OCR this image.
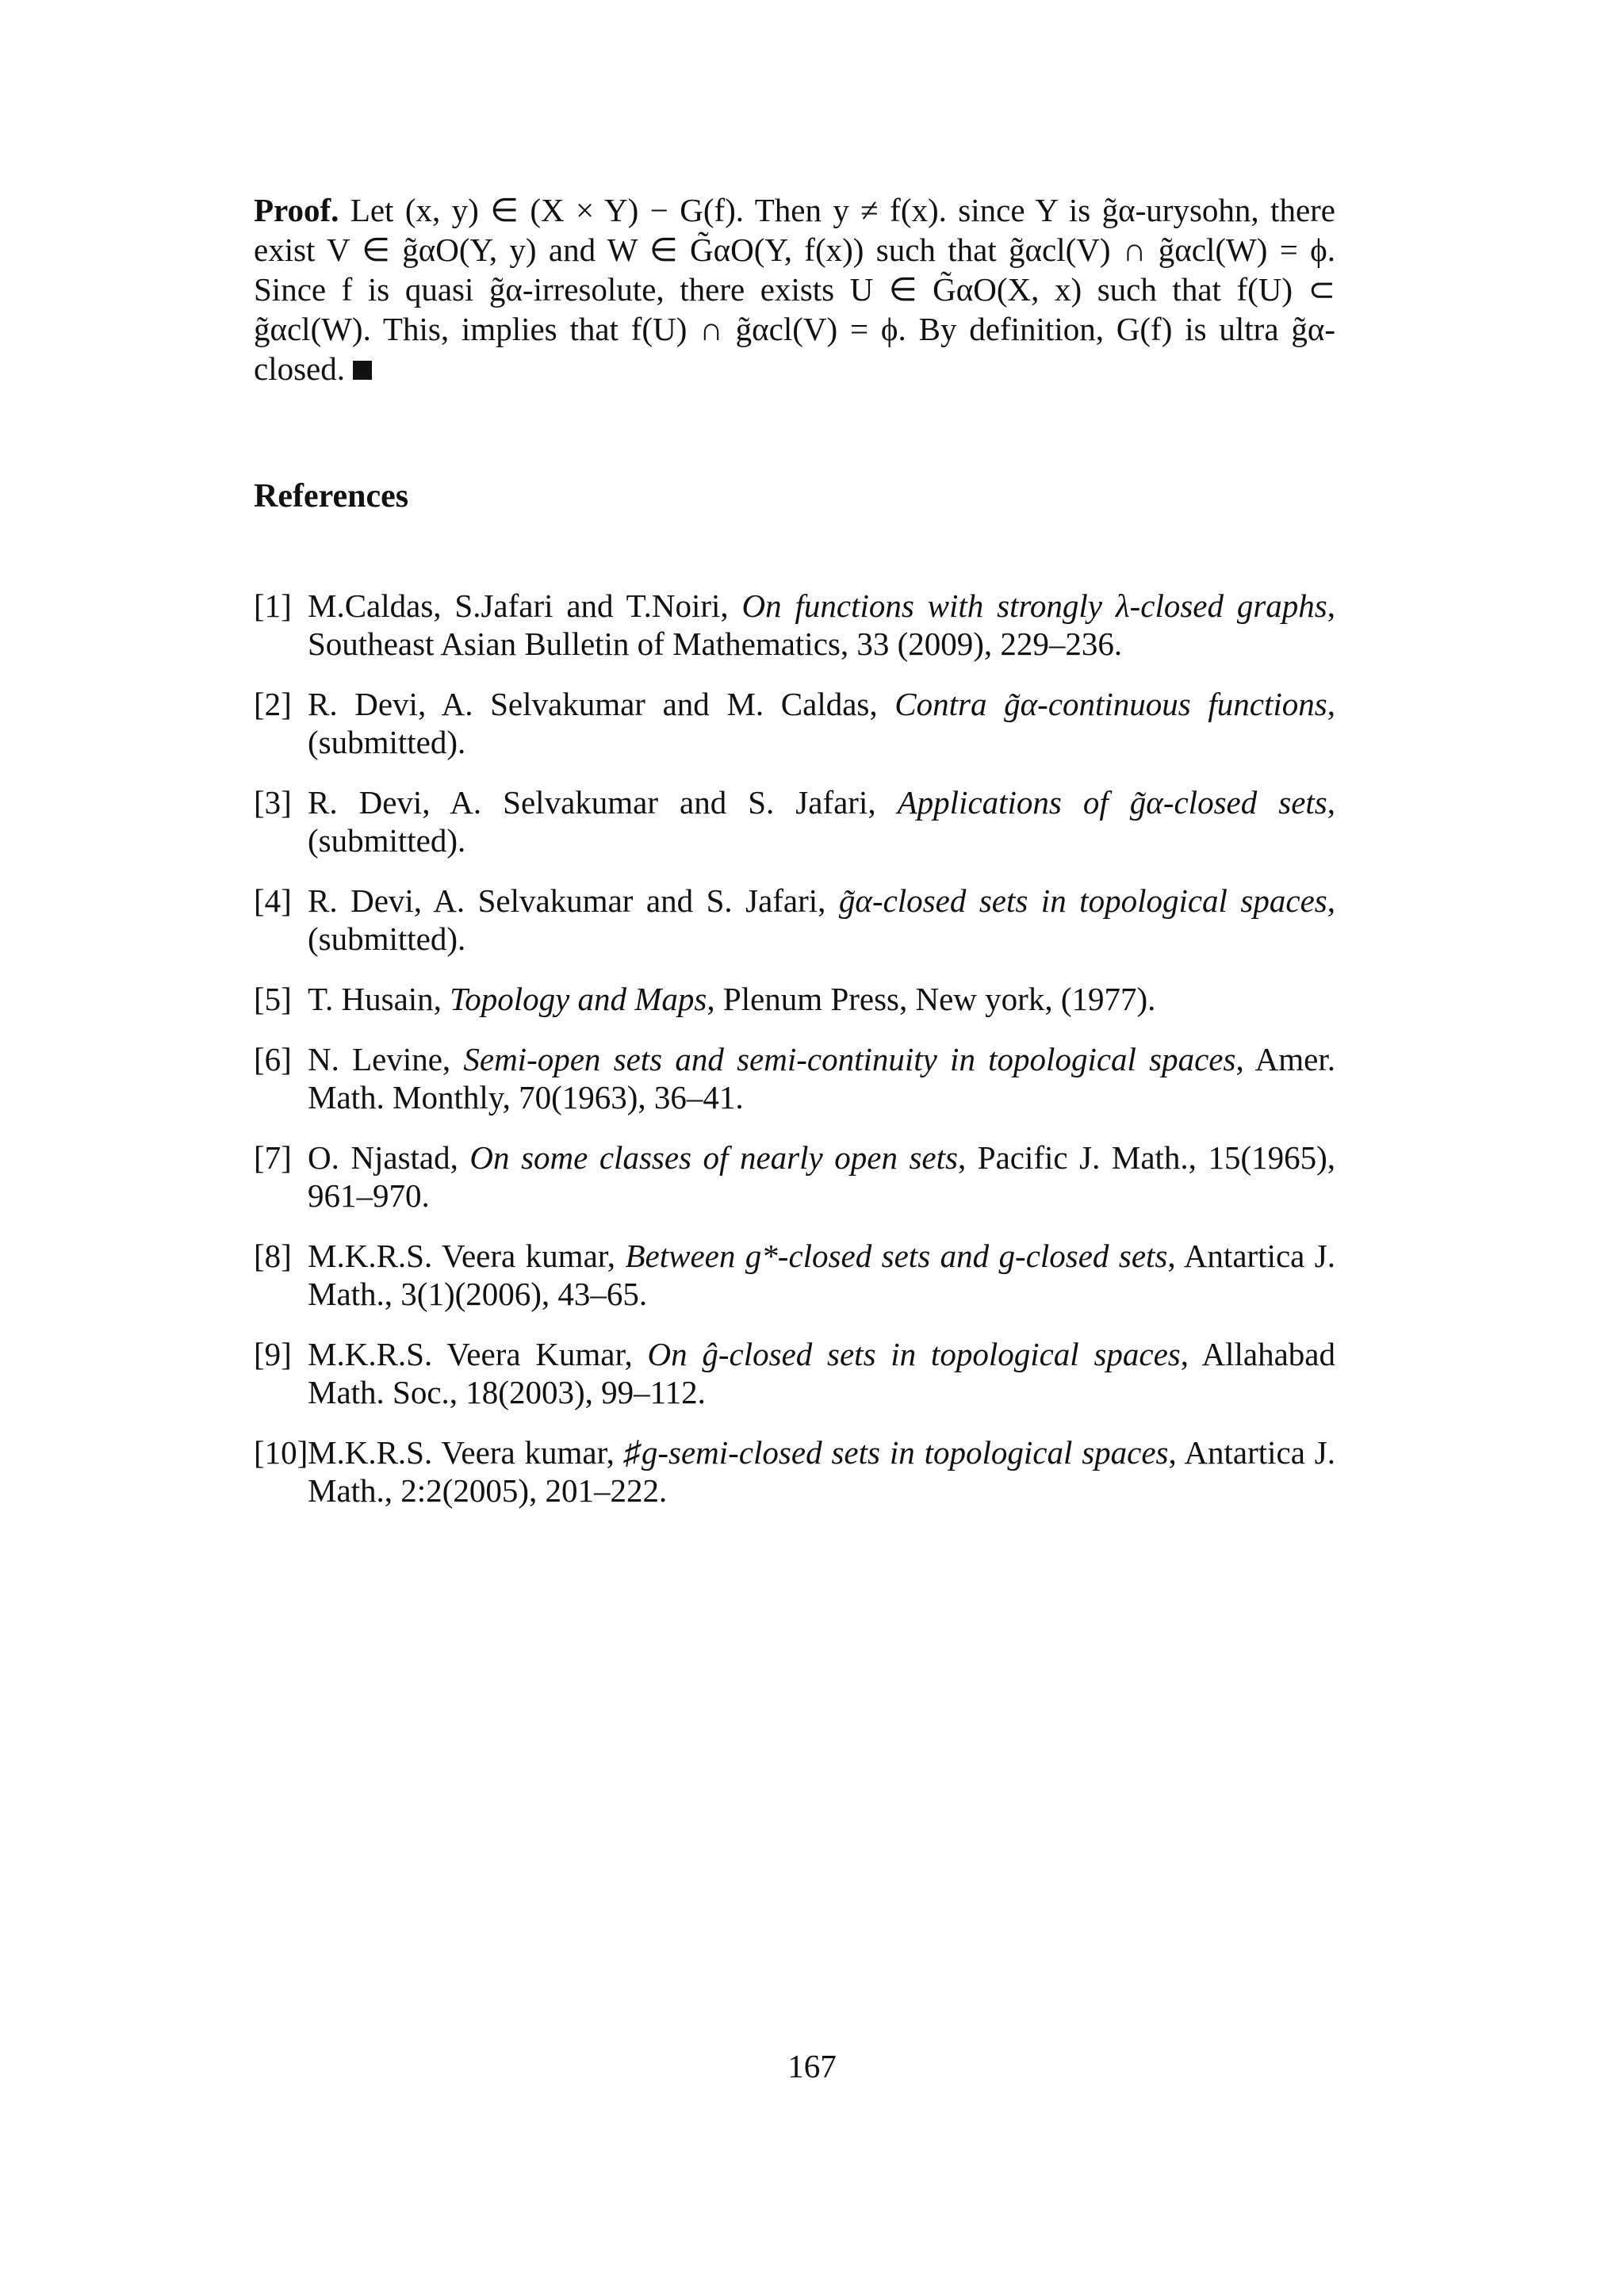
Proof. Let (x, y) ∈ (X × Y) − G(f). Then y ≠ f(x). since Y is g̃α-urysohn, there exist V ∈ g̃αO(Y, y) and W ∈ G̃αO(Y, f(x)) such that g̃αcl(V) ∩ g̃αcl(W) = ϕ. Since f is quasi g̃α-irresolute, there exists U ∈ G̃αO(X, x) such that f(U) ⊂ g̃αcl(W). This, implies that f(U) ∩ g̃αcl(V) = ϕ. By definition, G(f) is ultra g̃α-closed.
References
[1] M.Caldas, S.Jafari and T.Noiri, On functions with strongly λ-closed graphs, Southeast Asian Bulletin of Mathematics, 33 (2009), 229–236.
[2] R. Devi, A. Selvakumar and M. Caldas, Contra g̃α-continuous functions, (submitted).
[3] R. Devi, A. Selvakumar and S. Jafari, Applications of g̃α-closed sets, (submitted).
[4] R. Devi, A. Selvakumar and S. Jafari, g̃α-closed sets in topological spaces, (submitted).
[5] T. Husain, Topology and Maps, Plenum Press, New york, (1977).
[6] N. Levine, Semi-open sets and semi-continuity in topological spaces, Amer. Math. Monthly, 70(1963), 36–41.
[7] O. Njastad, On some classes of nearly open sets, Pacific J. Math., 15(1965), 961–970.
[8] M.K.R.S. Veera kumar, Between g*-closed sets and g-closed sets, Antartica J. Math., 3(1)(2006), 43–65.
[9] M.K.R.S. Veera Kumar, On ĝ-closed sets in topological spaces, Allahabad Math. Soc., 18(2003), 99–112.
[10] M.K.R.S. Veera kumar, ♯g-semi-closed sets in topological spaces, Antartica J. Math., 2:2(2005), 201–222.
167
